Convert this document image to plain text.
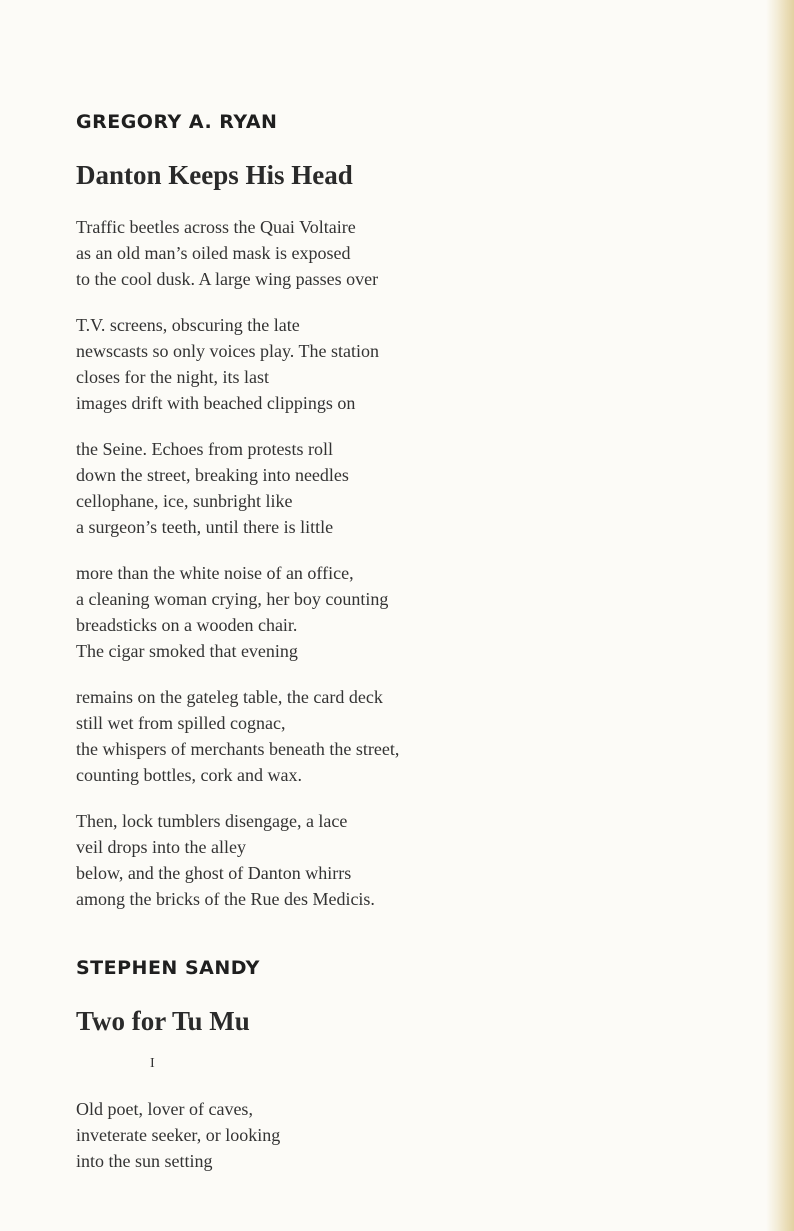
GREGORY A. RYAN
Danton Keeps His Head
Traffic beetles across the Quai Voltaire
as an old man’s oiled mask is exposed
to the cool dusk. A large wing passes over
T.V. screens, obscuring the late
newscasts so only voices play. The station
closes for the night, its last
images drift with beached clippings on
the Seine. Echoes from protests roll
down the street, breaking into needles
cellophane, ice, sunbright like
a surgeon’s teeth, until there is little
more than the white noise of an office,
a cleaning woman crying, her boy counting
breadsticks on a wooden chair.
The cigar smoked that evening
remains on the gateleg table, the card deck
still wet from spilled cognac,
the whispers of merchants beneath the street,
counting bottles, cork and wax.
Then, lock tumblers disengage, a lace
veil drops into the alley
below, and the ghost of Danton whirrs
among the bricks of the Rue des Medicis.
STEPHEN SANDY
Two for Tu Mu
I
Old poet, lover of caves,
inveterate seeker, or looking
into the sun setting
